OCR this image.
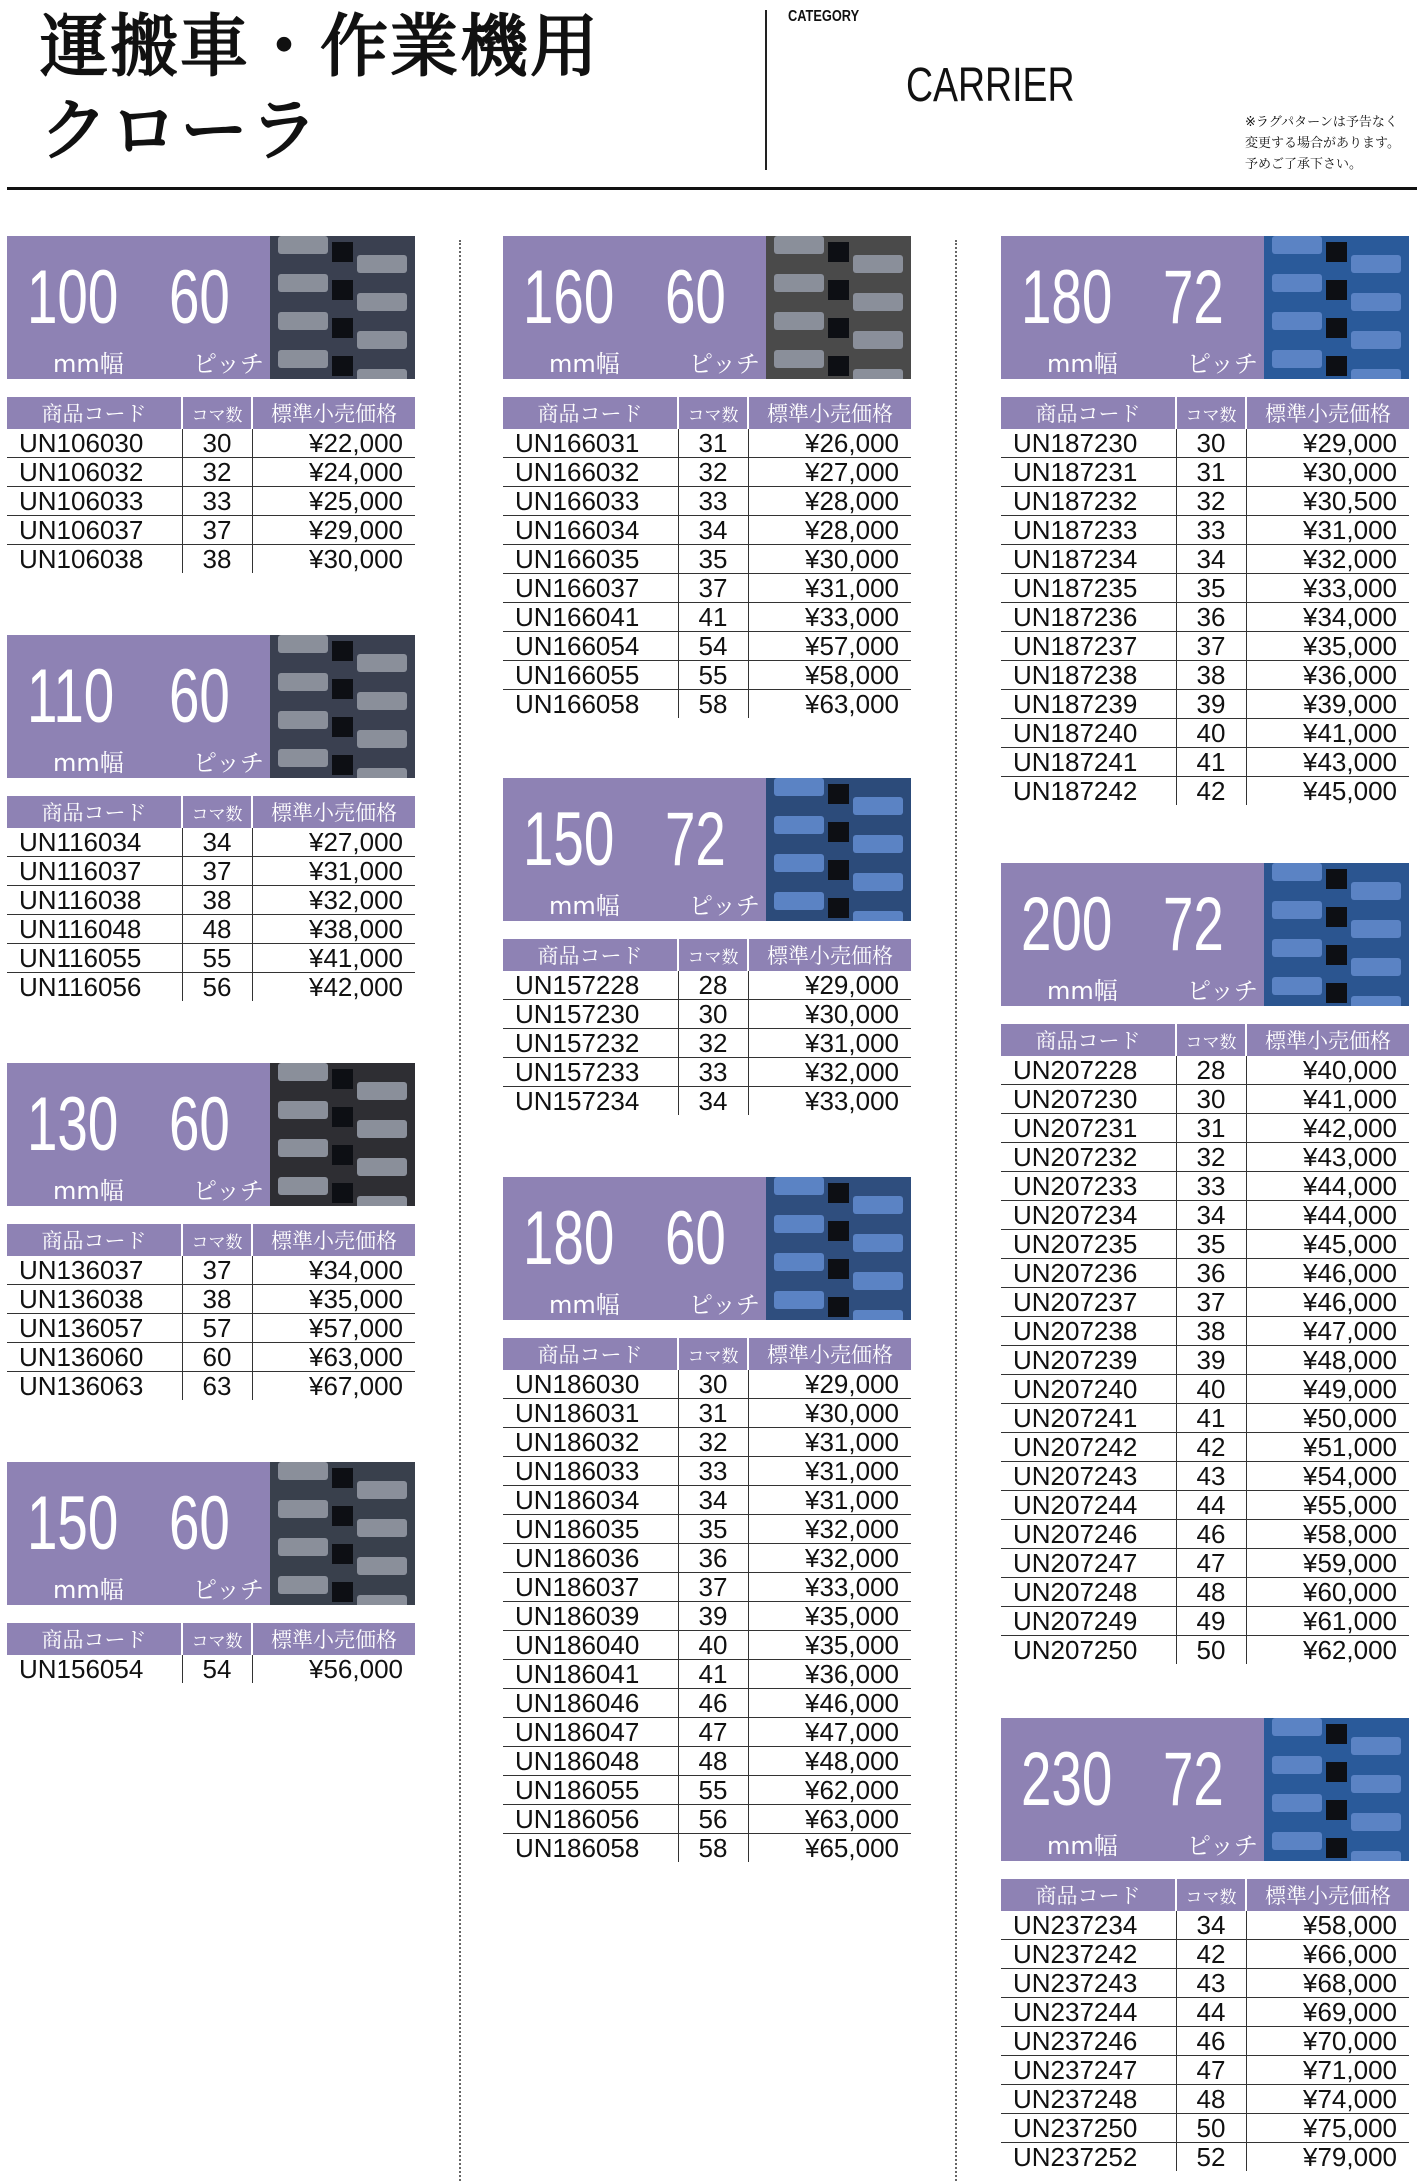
運搬車・作業機用
クローラ
CATEGORY
CARRIER
※ラグパターンは予告なく
変更する場合があります。
予めご了承下さい。
100 60
mm幅	ピッチ
商品コード	コマ数	標準小売価格
UN106030	30	¥22,000
UN106032	32	¥24,000
UN106033	33	¥25,000
UN106037	37	¥29,000
UN106038	38	¥30,000
110 60
mm幅	ピッチ
商品コード	コマ数	標準小売価格
UN116034	34	¥27,000
UN116037	37	¥31,000
UN116038	38	¥32,000
UN116048	48	¥38,000
UN116055	55	¥41,000
UN116056	56	¥42,000
130 60
mm幅	ピッチ
商品コード	コマ数	標準小売価格
UN136037	37	¥34,000
UN136038	38	¥35,000
UN136057	57	¥57,000
UN136060	60	¥63,000
UN136063	63	¥67,000
150 60
mm幅	ピッチ
商品コード	コマ数	標準小売価格
UN156054	54	¥56,000
160 60
mm幅	ピッチ
商品コード	コマ数	標準小売価格
UN166031	31	¥26,000
UN166032	32	¥27,000
UN166033	33	¥28,000
UN166034	34	¥28,000
UN166035	35	¥30,000
UN166037	37	¥31,000
UN166041	41	¥33,000
UN166054	54	¥57,000
UN166055	55	¥58,000
UN166058	58	¥63,000
150 72
mm幅	ピッチ
商品コード	コマ数	標準小売価格
UN157228	28	¥29,000
UN157230	30	¥30,000
UN157232	32	¥31,000
UN157233	33	¥32,000
UN157234	34	¥33,000
180 60
mm幅	ピッチ
商品コード	コマ数	標準小売価格
UN186030	30	¥29,000
UN186031	31	¥30,000
UN186032	32	¥31,000
UN186033	33	¥31,000
UN186034	34	¥31,000
UN186035	35	¥32,000
UN186036	36	¥32,000
UN186037	37	¥33,000
UN186039	39	¥35,000
UN186040	40	¥35,000
UN186041	41	¥36,000
UN186046	46	¥46,000
UN186047	47	¥47,000
UN186048	48	¥48,000
UN186055	55	¥62,000
UN186056	56	¥63,000
UN186058	58	¥65,000
180 72
mm幅	ピッチ
商品コード	コマ数	標準小売価格
UN187230	30	¥29,000
UN187231	31	¥30,000
UN187232	32	¥30,500
UN187233	33	¥31,000
UN187234	34	¥32,000
UN187235	35	¥33,000
UN187236	36	¥34,000
UN187237	37	¥35,000
UN187238	38	¥36,000
UN187239	39	¥39,000
UN187240	40	¥41,000
UN187241	41	¥43,000
UN187242	42	¥45,000
200 72
mm幅	ピッチ
商品コード	コマ数	標準小売価格
UN207228	28	¥40,000
UN207230	30	¥41,000
UN207231	31	¥42,000
UN207232	32	¥43,000
UN207233	33	¥44,000
UN207234	34	¥44,000
UN207235	35	¥45,000
UN207236	36	¥46,000
UN207237	37	¥46,000
UN207238	38	¥47,000
UN207239	39	¥48,000
UN207240	40	¥49,000
UN207241	41	¥50,000
UN207242	42	¥51,000
UN207243	43	¥54,000
UN207244	44	¥55,000
UN207246	46	¥58,000
UN207247	47	¥59,000
UN207248	48	¥60,000
UN207249	49	¥61,000
UN207250	50	¥62,000
230 72
mm幅	ピッチ
商品コード	コマ数	標準小売価格
UN237234	34	¥58,000
UN237242	42	¥66,000
UN237243	43	¥68,000
UN237244	44	¥69,000
UN237246	46	¥70,000
UN237247	47	¥71,000
UN237248	48	¥74,000
UN237250	50	¥75,000
UN237252	52	¥79,000
